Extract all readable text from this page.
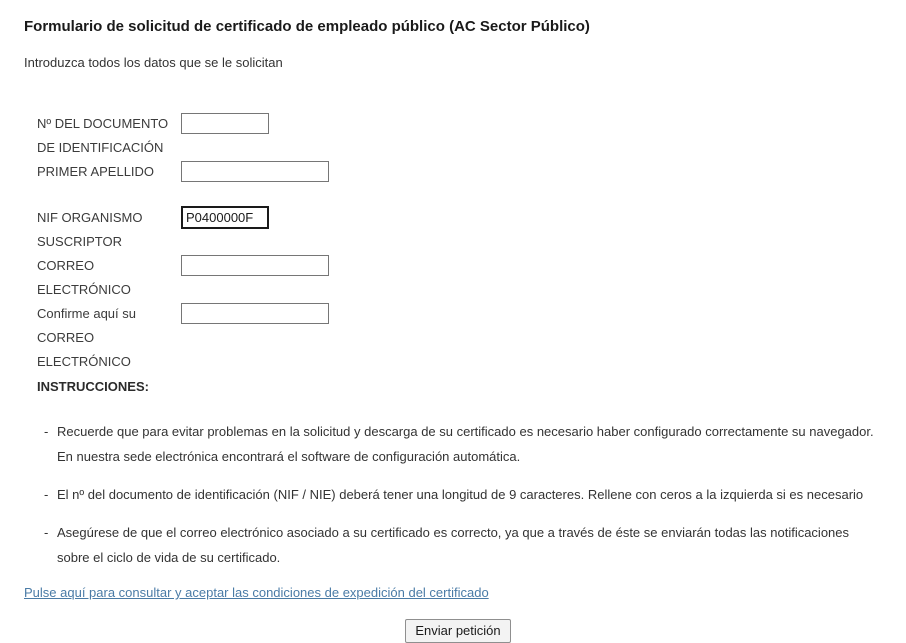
Formulario de solicitud de certificado de empleado público (AC Sector Público)

Introduzca todos los datos que se le solicitan

Nº DEL DOCUMENTO DE IDENTIFICACIÓN
PRIMER APELLIDO
NIF ORGANISMO SUSCRIPTOR
P0400000F
CORREO ELECTRÓNICO
Confirme aquí su CORREO ELECTRÓNICO
INSTRUCCIONES:
- Recuerde que para evitar problemas en la solicitud y descarga de su certificado es necesario haber configurado correctamente su navegador. En nuestra sede electrónica encontrará el software de configuración automática.
- El nº del documento de identificación (NIF / NIE) deberá tener una longitud de 9 caracteres. Rellene con ceros a la izquierda si es necesario
- Asegúrese de que el correo electrónico asociado a su certificado es correcto, ya que a través de éste se enviarán todas las notificaciones sobre el ciclo de vida de su certificado.
Pulse aquí para consultar y aceptar las condiciones de expedición del certificado
Enviar petición
